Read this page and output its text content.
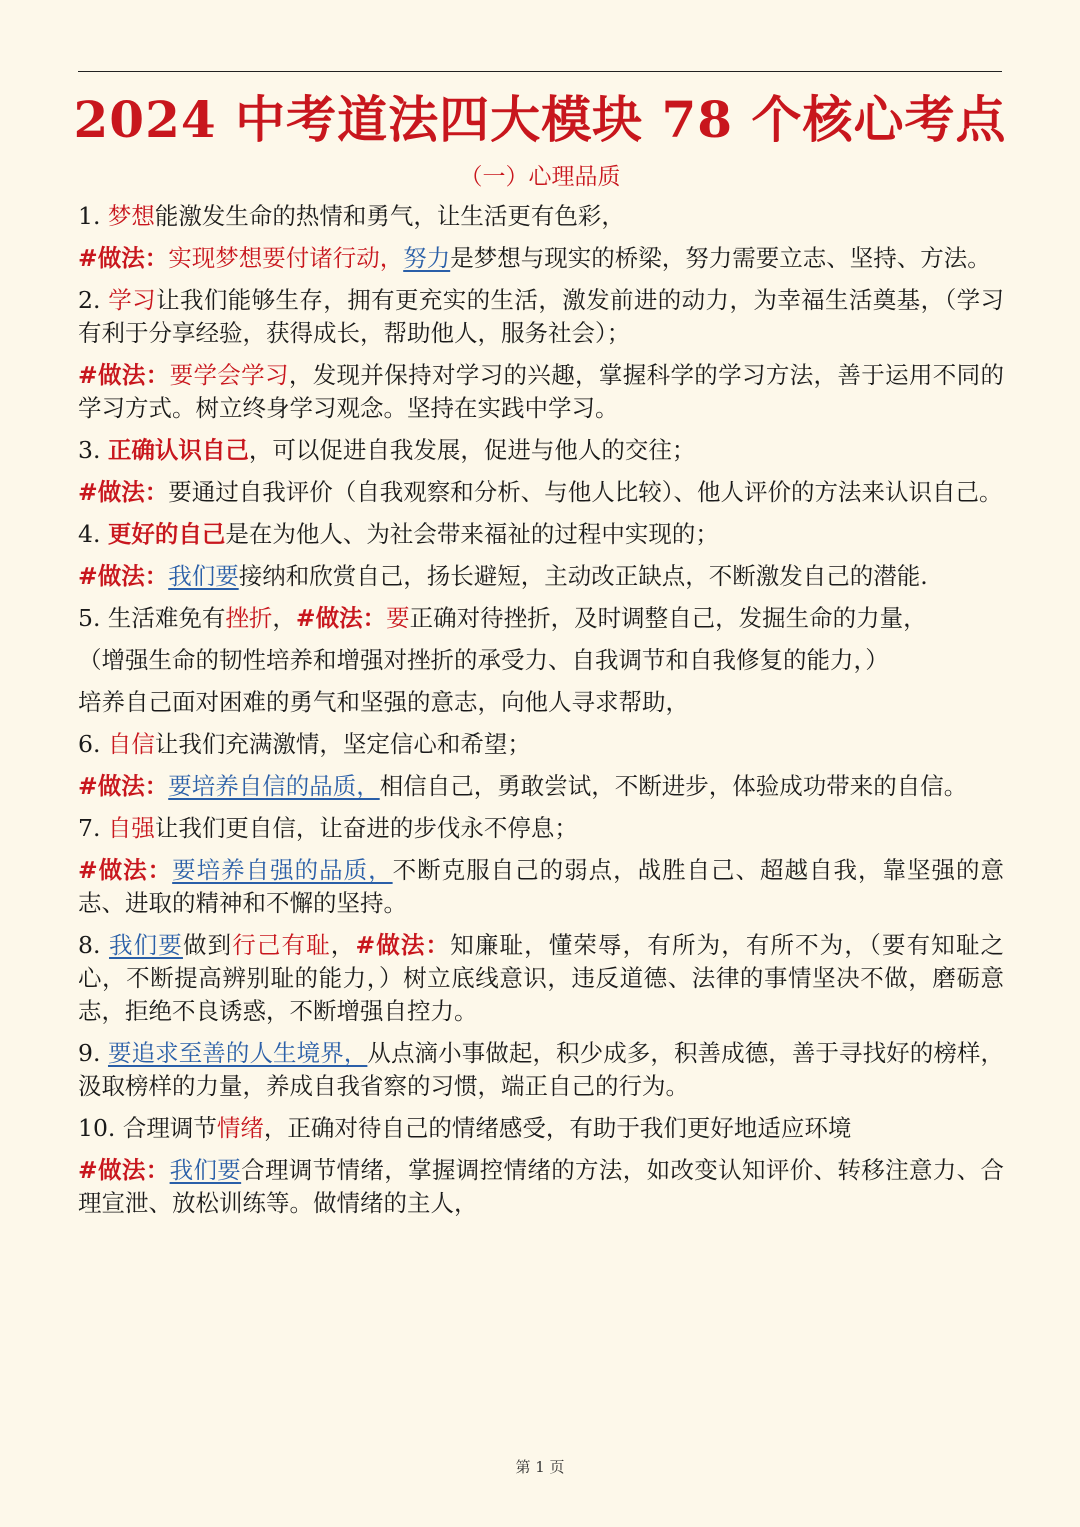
2024 中考道法四大模块 78 个核心考点
（一）心理品质

1. 梦想能激发生命的热情和勇气，让生活更有色彩，

#做法：实现梦想要付诸行动，努力是梦想与现实的桥梁，努力需要立志、坚持、方法。

2. 学习让我们能够生存，拥有更充实的生活，激发前进的动力，为幸福生活奠基，（学习有利于分享经验，获得成长，帮助他人，服务社会）；

#做法：要学会学习，发现并保持对学习的兴趣，掌握科学的学习方法，善于运用不同的学习方式。树立终身学习观念。坚持在实践中学习。

3. 正确认识自己，可以促进自我发展，促进与他人的交往；

#做法：要通过自我评价（自我观察和分析、与他人比较）、他人评价的方法来认识自己。

4. 更好的自己是在为他人、为社会带来福祉的过程中实现的；

#做法：我们要接纳和欣赏自己，扬长避短，主动改正缺点，不断激发自己的潜能.

5. 生活难免有挫折，#做法：要正确对待挫折，及时调整自己，发掘生命的力量，

（增强生命的韧性培养和增强对挫折的承受力、自我调节和自我修复的能力，）

培养自己面对困难的勇气和坚强的意志，向他人寻求帮助，

6. 自信让我们充满激情，坚定信心和希望；

#做法：要培养自信的品质，相信自己，勇敢尝试，不断进步，体验成功带来的自信。

7. 自强让我们更自信，让奋进的步伐永不停息；

#做法：要培养自强的品质，不断克服自己的弱点，战胜自己、超越自我，靠坚强的意志、进取的精神和不懈的坚持。

8. 我们要做到行己有耻，#做法：知廉耻，懂荣辱，有所为，有所不为，（要有知耻之心，不断提高辨别耻的能力，）树立底线意识，违反道德、法律的事情坚决不做，磨砺意志，拒绝不良诱惑，不断增强自控力。

9. 要追求至善的人生境界，从点滴小事做起，积少成多，积善成德，善于寻找好的榜样，汲取榜样的力量，养成自我省察的习惯，端正自己的行为。

10. 合理调节情绪，正确对待自己的情绪感受，有助于我们更好地适应环境

#做法：我们要合理调节情绪，掌握调控情绪的方法，如改变认知评价、转移注意力、合理宣泄、放松训练等。做情绪的主人，

第 1 页
